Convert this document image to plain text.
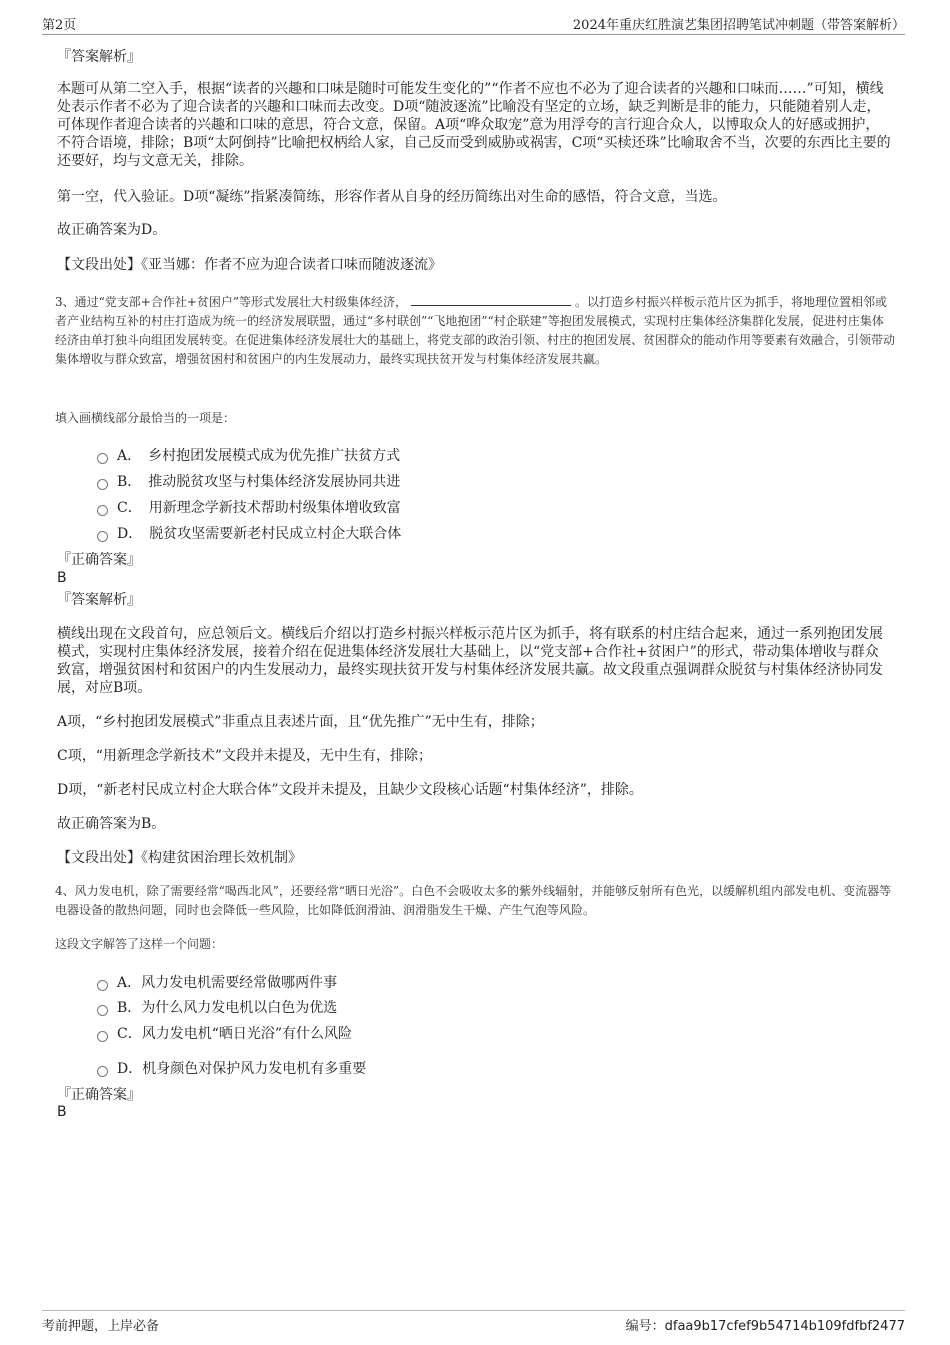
第2页	2024年重庆红胜演艺集团招聘笔试冲刺题（带答案解析）
『答案解析』
本题可从第二空入手，根据“读者的兴趣和口味是随时可能发生变化的”“作者不应也不必为了迎合读者的兴趣和口味而……”可知，横线处表示作者不必为了迎合读者的兴趣和口味而去改变。D项“随波逐流”比喻没有坚定的立场，缺乏判断是非的能力，只能随着别人走，可体现作者迎合读者的兴趣和口味的意思，符合文意，保留。A项“哗众取宠”意为用浮夸的言行迎合众人，以博取众人的好感或拥护，不符合语境，排除；B项“太阿倒持”比喻把权柄给人家，自己反而受到威胁或祸害，C项“买椟还珠”比喻取舍不当，次要的东西比主要的还要好，均与文意无关，排除。
第一空，代入验证。D项“凝练”指紧凑简练，形容作者从自身的经历简练出对生命的感悟，符合文意，当选。
故正确答案为D。
【文段出处】《亚当娜：作者不应为迎合读者口味而随波逐流》
3、通过“党支部+合作社+贫困户”等形式发展壮大村级集体经济，	。以打造乡村振兴样板示范片区为抓手，将地理位置相邻或者产业结构互补的村庄打造成为统一的经济发展联盟，通过“多村联创”“飞地抱团”“村企联建”等抱团发展模式，实现村庄集体经济集群化发展，促进村庄集体经济由单打独斗向组团发展转变。在促进集体经济发展壮大的基础上，将党支部的政治引领、村庄的抱团发展、贫困群众的能动作用等要素有效融合，引领带动集体增收与群众致富，增强贫困村和贫困户的内生发展动力，最终实现扶贫开发与村集体经济发展共赢。
填入画横线部分最恰当的一项是：
A．　乡村抱团发展模式成为优先推广扶贫方式
B．　推动脱贫攻坚与村集体经济发展协同共进
C．　用新理念学新技术帮助村级集体增收致富
D．　脱贫攻坚需要新老村民成立村企大联合体
『正确答案』
B
『答案解析』
横线出现在文段首句，应总领后文。横线后介绍以打造乡村振兴样板示范片区为抓手，将有联系的村庄结合起来，通过一系列抱团发展模式，实现村庄集体经济发展，接着介绍在促进集体经济发展壮大基础上，以“党支部+合作社+贫困户”的形式，带动集体增收与群众致富，增强贫困村和贫困户的内生发展动力，最终实现扶贫开发与村集体经济发展共赢。故文段重点强调群众脱贫与村集体经济协同发展，对应B项。
A项，“乡村抱团发展模式”非重点且表述片面，且“优先推广”无中生有，排除；
C项，“用新理念学新技术”文段并未提及，无中生有，排除；
D项，“新老村民成立村企大联合体”文段并未提及，且缺少文段核心话题“村集体经济”，排除。
故正确答案为B。
【文段出处】《构建贫困治理长效机制》
4、风力发电机，除了需要经常“喝西北风”，还要经常“晒日光浴”。白色不会吸收太多的紫外线辐射，并能够反射所有色光，以缓解机组内部发电机、变流器等电器设备的散热问题，同时也会降低一些风险，比如降低润滑油、润滑脂发生干燥、产生气泡等风险。
这段文字解答了这样一个问题：
A．风力发电机需要经常做哪两件事
B．为什么风力发电机以白色为优选
C．风力发电机“晒日光浴”有什么风险
D．机身颜色对保护风力发电机有多重要
『正确答案』
B
考前押题，上岸必备	编号：dfaa9b17cfef9b54714b109fdfbf2477
